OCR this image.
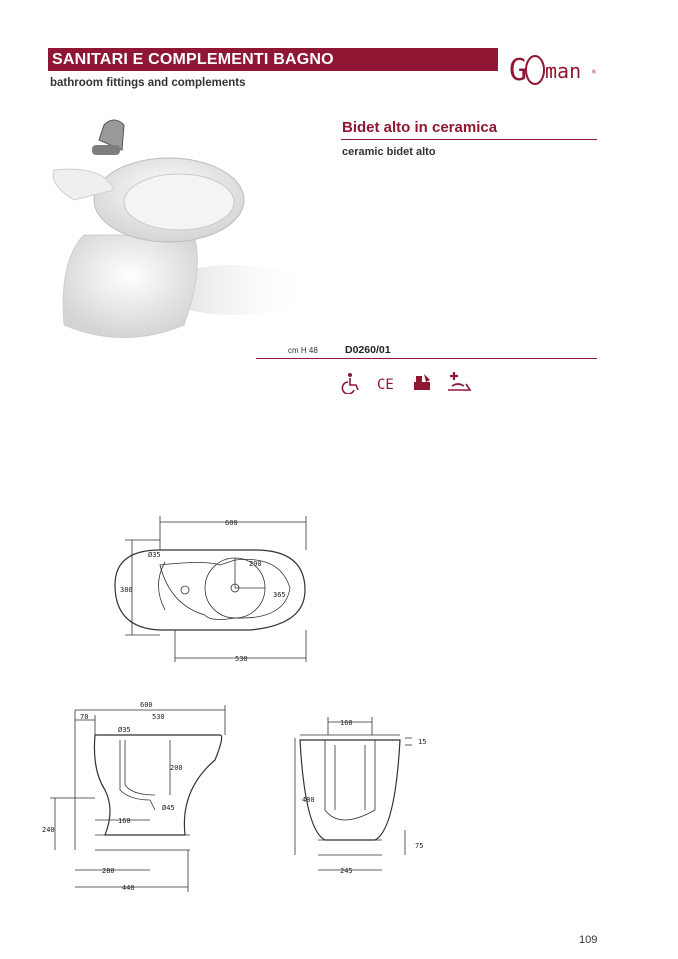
SANITARI E COMPLEMENTI BAGNO
bathroom fittings and complements	G man ®
Bidet alto in ceramica
ceramic bidet alto
cm H 48	D0260/01
CE
600
530
380
Ø35
290
365
600
70	530
Ø35
200
Ø45
160
240
280
440
160
15
480
75
245
109
